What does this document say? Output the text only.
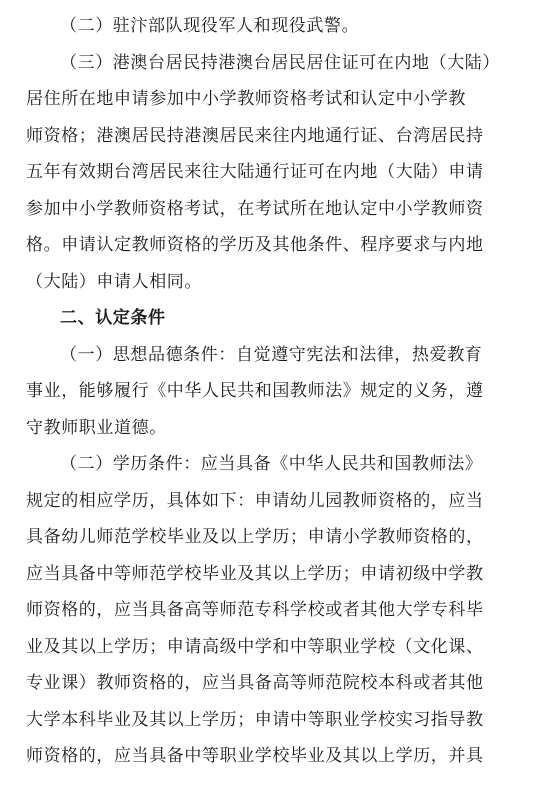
（二）驻汴部队现役军人和现役武警。

（三）港澳台居民持港澳台居民居住证可在内地（大陆）

居住所在地申请参加中小学教师资格考试和认定中小学教

师资格；港澳居民持港澳居民来往内地通行证、台湾居民持

五年有效期台湾居民来往大陆通行证可在内地（大陆）申请

参加中小学教师资格考试，在考试所在地认定中小学教师资

格。申请认定教师资格的学历及其他条件、程序要求与内地

（大陆）申请人相同。

二、认定条件

（一）思想品德条件：自觉遵守宪法和法律，热爱教育

事业，能够履行《中华人民共和国教师法》规定的义务，遵

守教师职业道德。

（二）学历条件：应当具备《中华人民共和国教师法》

规定的相应学历，具体如下：申请幼儿园教师资格的，应当

具备幼儿师范学校毕业及以上学历；申请小学教师资格的，

应当具备中等师范学校毕业及其以上学历；申请初级中学教

师资格的，应当具备高等师范专科学校或者其他大学专科毕

业及其以上学历；申请高级中学和中等职业学校（文化课、

专业课）教师资格的，应当具备高等师范院校本科或者其他

大学本科毕业及其以上学历；申请中等职业学校实习指导教

师资格的，应当具备中等职业学校毕业及其以上学历，并具
